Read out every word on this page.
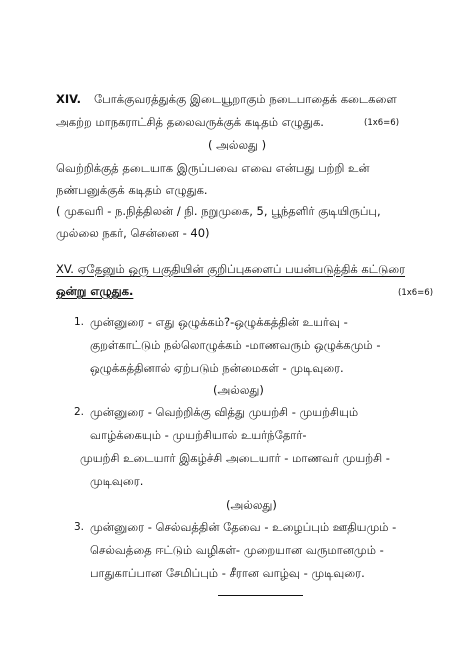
XIV. போக்குவரத்துக்கு இடையூறாகும் நடைபாதைக் கடைகளை
அகற்ற மாநகராட்சித் தலைவருக்குக் கடிதம் எழுதுக.	(1x6=6)
( அல்லது )
வெற்றிக்குத் தடையாக இருப்பவை எவை என்பது பற்றி உன்
நண்பனுக்குக் கடிதம் எழுதுக.
( முகவரி - ந.நித்திலன் / நி. நறுமுகை, 5, பூந்தளிர் குடியிருப்பு,
முல்லை நகர், சென்னை - 40)
XV. ஏதேனும் ஒரு பகுதியின் குறிப்புகளைப் பயன்படுத்திக் கட்டுரை
ஒன்று எழுதுக.	(1x6=6)
1. முன்னுரை - எது ஒழுக்கம்?-ஒழுக்கத்தின் உயர்வு -
குறள்காட்டும் நல்லொழுக்கம் -மாணவரும் ஒழுக்கமும் -
ஒழுக்கத்தினால் ஏற்படும் நன்மைகள் - முடிவுரை.
(அல்லது)
2. முன்னுரை - வெற்றிக்கு வித்து முயற்சி - முயற்சியும்
வாழ்க்கையும் - முயற்சியால் உயர்ந்தோர்-
முயற்சி உடையார் இகழ்ச்சி அடையார் - மாணவர் முயற்சி -
முடிவுரை.
(அல்லது)
3. முன்னுரை - செல்வத்தின் தேவை - உழைப்பும் ஊதியமும் -
செல்வத்தை ஈட்டும் வழிகள்- முறையான வருமானமும் -
பாதுகாப்பான சேமிப்பும் - சீரான வாழ்வு - முடிவுரை.
